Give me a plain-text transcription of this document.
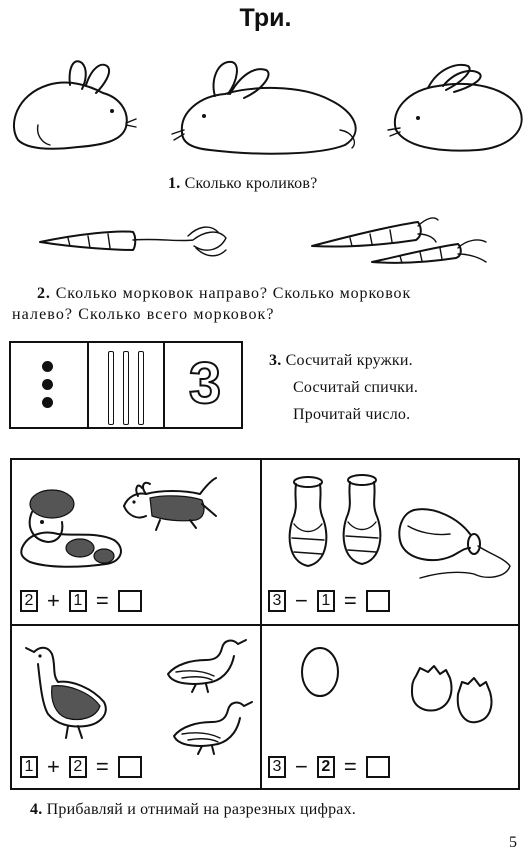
Три.
1. Сколько кроликов?
2. Сколько морковок направо? Сколько морковок
налево? Сколько всего морковок?
3	3. Сосчитай кружки.
Сосчитай спички.
Прочитай число.
2 + 1 =	3 − 1 =
1 + 2 =	3 − 2 =
4. Прибавляй и отнимай на разрезных цифрах.
5
